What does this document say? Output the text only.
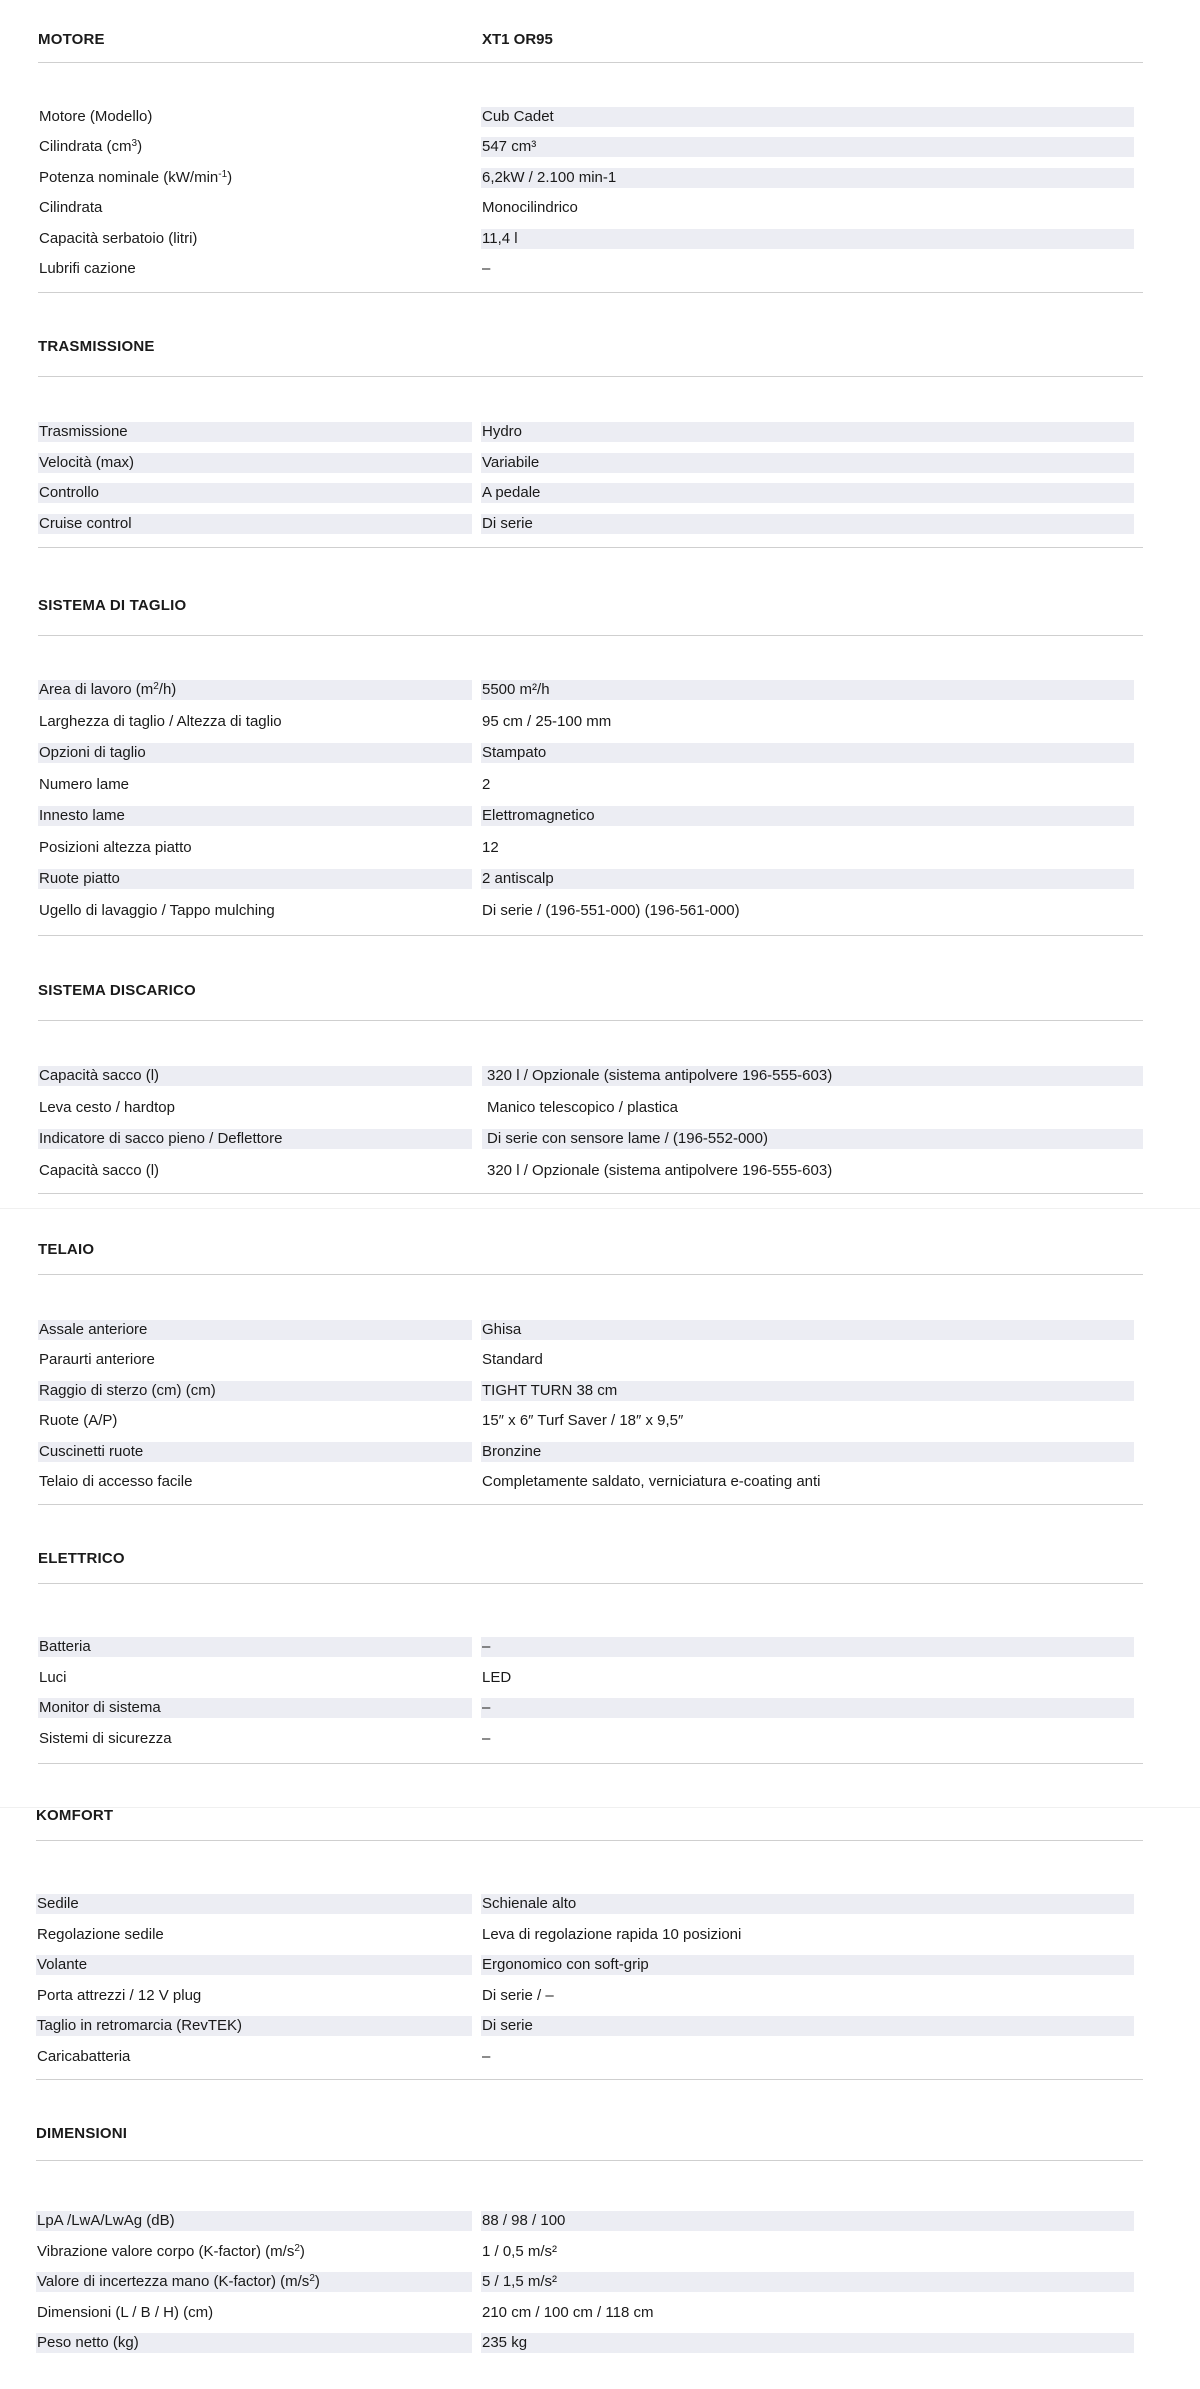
MOTORE	XT1 OR95
Motore (Modello)	Cub Cadet
Cilindrata $(cm^3)$	547 cm³
Potenza nominale $(kW/\min^{-1})$	6,2kW / 2.100 min-1
Cilindrata	Monocilindrico
Capacità serbatoio (litri)	11,4 l
Lubrifi cazione	–
TRASMISSIONE
Trasmissione	Hydro
Velocità (max)	Variabile
Controllo	A pedale
Cruise control	Di serie
SISTEMA DI TAGLIO
Area di lavoro $(m^2/h)$	5500 m²/h
Larghezza di taglio / Altezza di taglio	95 cm / 25-100 mm
Opzioni di taglio	Stampato
Numero lame	2
Innesto lame	Elettromagnetico
Posizioni altezza piatto	12
Ruote piatto	2 antiscalp
Ugello di lavaggio / Tappo mulching	Di serie / (196-551-000) (196-561-000)
SISTEMA DISCARICO
Capacità sacco (l)	320 l / Opzionale (sistema antipolvere 196-555-603)
Leva cesto / hardtop	Manico telescopico / plastica
Indicatore di sacco pieno / Deflettore	Di serie con sensore lame / (196-552-000)
Capacità sacco (l)	320 l / Opzionale (sistema antipolvere 196-555-603)
TELAIO
Assale anteriore	Ghisa
Paraurti anteriore	Standard
Raggio di sterzo (cm) (cm)	TIGHT TURN 38 cm
Ruote (A/P)	15″ x 6″ Turf Saver / 18″ x 9,5″
Cuscinetti ruote	Bronzine
Telaio di accesso facile	Completamente saldato, verniciatura e-coating anti
ELETTRICO
Batteria	–
Luci	LED
Monitor di sistema	–
Sistemi di sicurezza	–
KOMFORT
Sedile	Schienale alto
Regolazione sedile	Leva di regolazione rapida 10 posizioni
Volante	Ergonomico con soft-grip
Porta attrezzi / 12 V plug	Di serie / –
Taglio in retromarcia (RevTEK)	Di serie
Caricabatteria	–
DIMENSIONI
LpA /LwA/LwAg (dB)	88 / 98 / 100
Vibrazione valore corpo (K-factor) $(m/s^2)$	1 / 0,5 m/s²
Valore di incertezza mano (K-factor) $(m/s^2)$	5 / 1,5 m/s²
Dimensioni (L / B / H) (cm)	210 cm / 100 cm / 118 cm
Peso netto (kg)	235 kg
